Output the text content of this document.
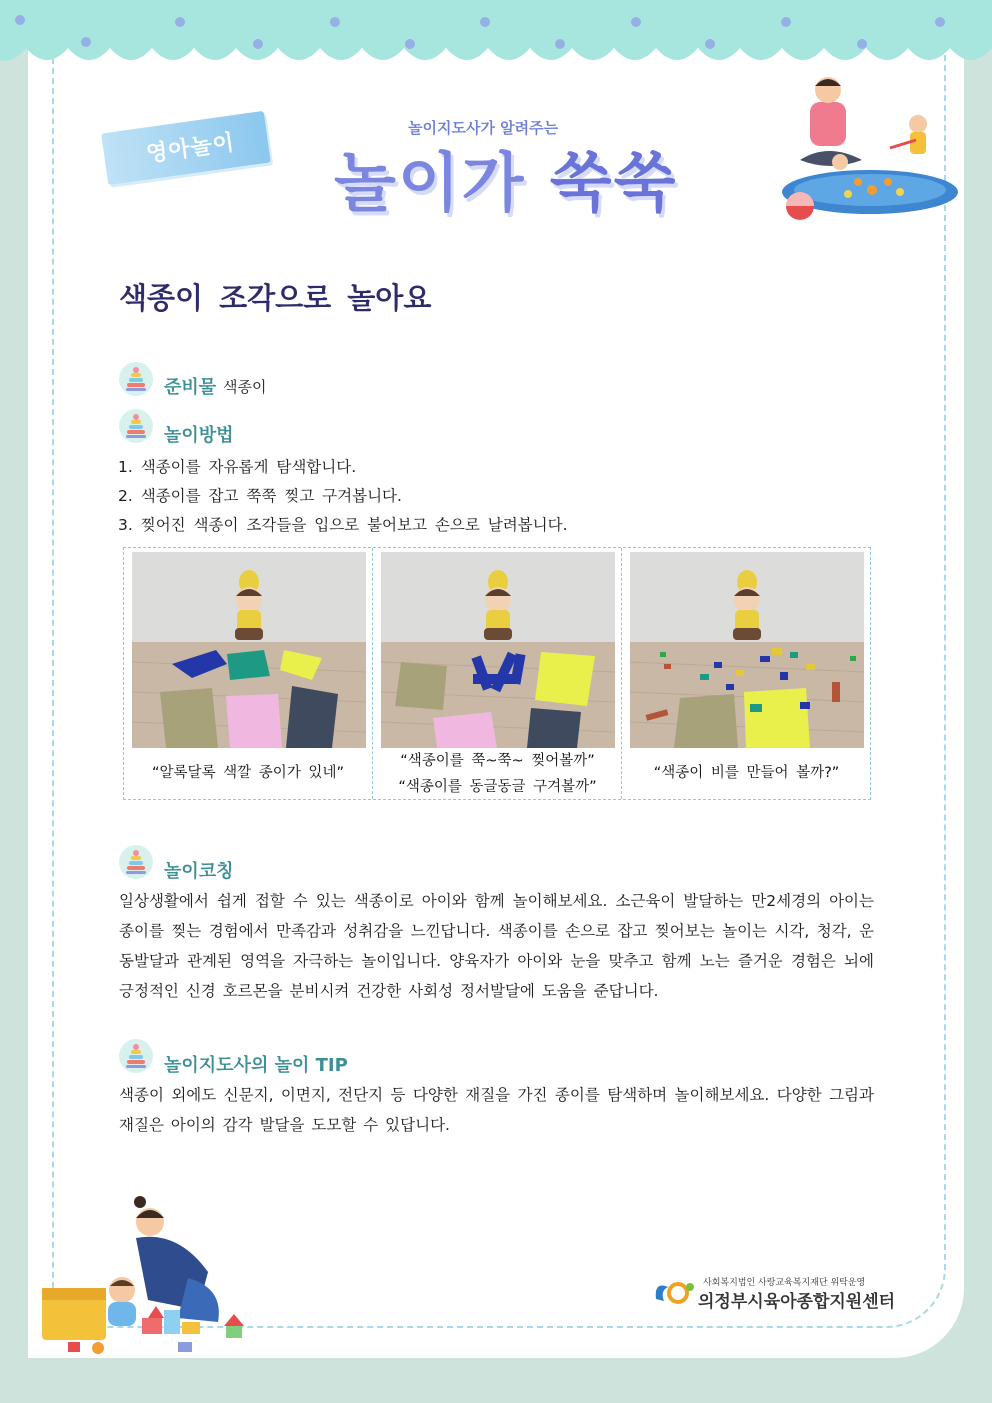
영아놀이
놀이지도사가 알려주는
놀이가 쑥쑥
색종이 조각으로 놀아요
준비물 색종이
놀이방법
1. 색종이를 자유롭게 탐색합니다.
2. 색종이를 잡고 쭉쭉 찢고 구겨봅니다.
3. 찢어진 색종이 조각들을 입으로 불어보고 손으로 날려봅니다.
“알록달록 색깔 종이가 있네”
“색종이를 쭉~쭉~ 찢어볼까”
“색종이를 동글동글 구겨볼까”
“색종이 비를 만들어 볼까?”
놀이코칭
일상생활에서 쉽게 접할 수 있는 색종이로 아이와 함께 놀이해보세요. 소근육이 발달하는 만2세경의 아이는 종이를 찢는 경험에서 만족감과 성취감을 느낀답니다. 색종이를 손으로 잡고 찢어보는 놀이는 시각, 청각, 운동발달과 관계된 영역을 자극하는 놀이입니다. 양육자가 아이와 눈을 맞추고 함께 노는 즐거운 경험은 뇌에 긍정적인 신경 호르몬을 분비시켜 건강한 사회성 정서발달에 도움을 준답니다.
놀이지도사의 놀이 TIP
색종이 외에도 신문지, 이면지, 전단지 등 다양한 재질을 가진 종이를 탐색하며 놀이해보세요. 다양한 그림과 재질은 아이의 감각 발달을 도모할 수 있답니다.
사회복지법인 사랑교육복지재단 위탁운영
의정부시육아종합지원센터
